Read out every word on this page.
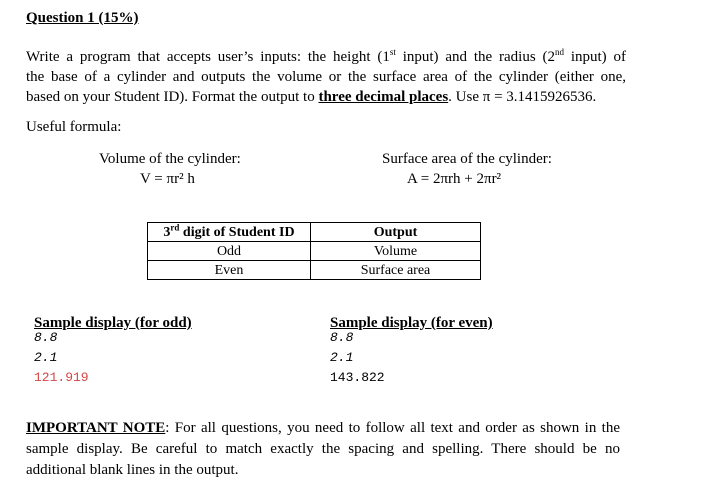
Question 1 (15%)
Write a program that accepts user’s inputs: the height (1st input) and the radius (2nd input) of
the base of a cylinder and outputs the volume or the surface area of the cylinder (either one,
based on your Student ID). Format the output to three decimal places. Use π = 3.1415926536.
Useful formula:
Volume of the cylinder:
V = πr² h
Surface area of the cylinder:
A = 2πrh + 2πr²
3rd digit of Student ID	Output
Odd	Volume
Even	Surface area
Sample display (for odd)
8.8
2.1
121.919
Sample display (for even)
8.8
2.1
143.822
IMPORTANT NOTE: For all questions, you need to follow all text and order as shown in the
sample display. Be careful to match exactly the spacing and spelling. There should be no
additional blank lines in the output.
